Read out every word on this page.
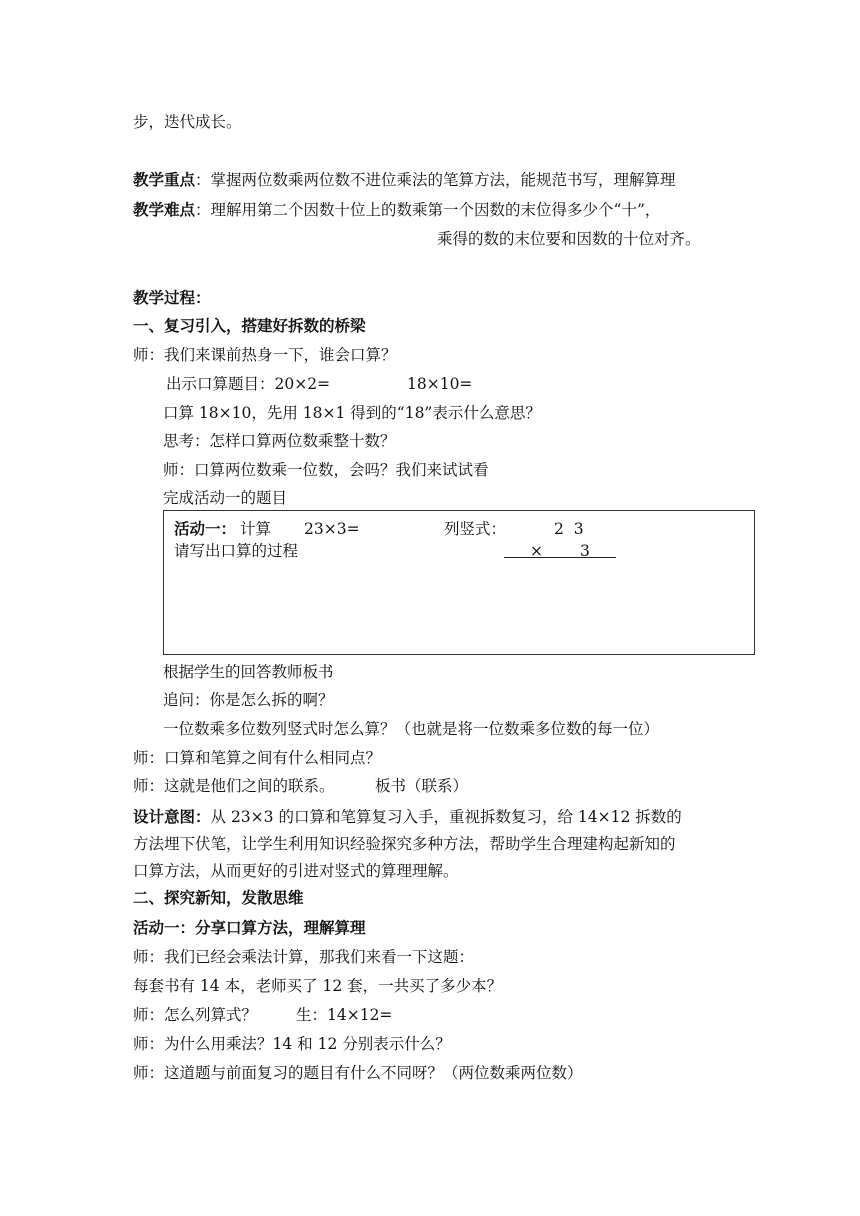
步，迭代成长。
教学重点：掌握两位数乘两位数不进位乘法的笔算方法，能规范书写，理解算理
教学难点：理解用第二个因数十位上的数乘第一个因数的末位得多少个“十”，
乘得的数的末位要和因数的十位对齐。
教学过程：
一、复习引入，搭建好拆数的桥梁
师：我们来课前热身一下，谁会口算？
出示口算题目：20×2=	18×10=
口算 18×10，先用 18×1 得到的“18”表示什么意思？
思考：怎样口算两位数乘整十数？
师：口算两位数乘一位数，会吗？我们来试试看
完成活动一的题目
活动一： 计算 23×3=	列竖式：	2  3
请写出口算的过程	× 3
根据学生的回答教师板书
追问：你是怎么拆的啊？
一位数乘多位数列竖式时怎么算？（也就是将一位数乘多位数的每一位）
师：口算和笔算之间有什么相同点？
师：这就是他们之间的联系。	板书（联系）

设计意图：从 23×3 的口算和笔算复习入手，重视拆数复习，给 14×12 拆数的

方法埋下伏笔，让学生利用知识经验探究多种方法，帮助学生合理建构起新知的

口算方法，从而更好的引进对竖式的算理理解。

二、探究新知，发散思维
活动一：分享口算方法，理解算理
师：我们已经会乘法计算，那我们来看一下这题：
每套书有 14 本，老师买了 12 套，一共买了多少本？
师：怎么列算式？	生：14×12=
师：为什么用乘法？14 和 12 分别表示什么？
师：这道题与前面复习的题目有什么不同呀？（两位数乘两位数）
